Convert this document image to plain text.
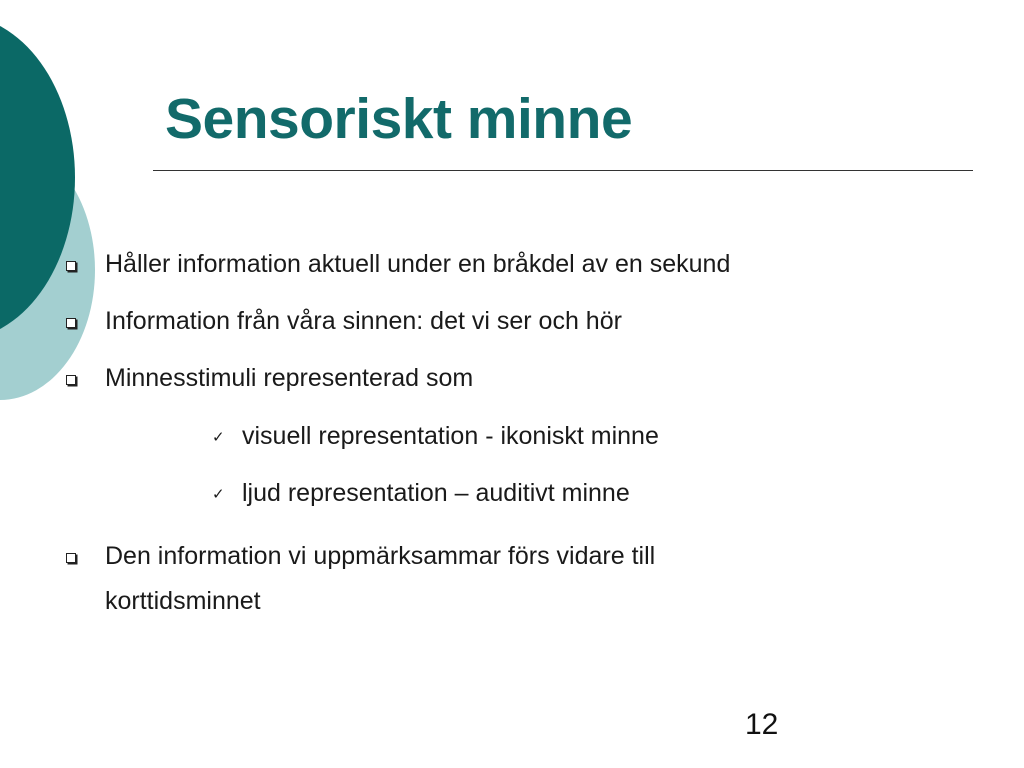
Sensoriskt minne
Håller information aktuell under en bråkdel av en sekund
Information från våra sinnen: det vi ser och hör
Minnesstimuli representerad som
✓ visuell representation - ikoniskt minne
✓ ljud representation – auditivt minne
Den information vi uppmärksammar förs vidare till
korttidsminnet
12
